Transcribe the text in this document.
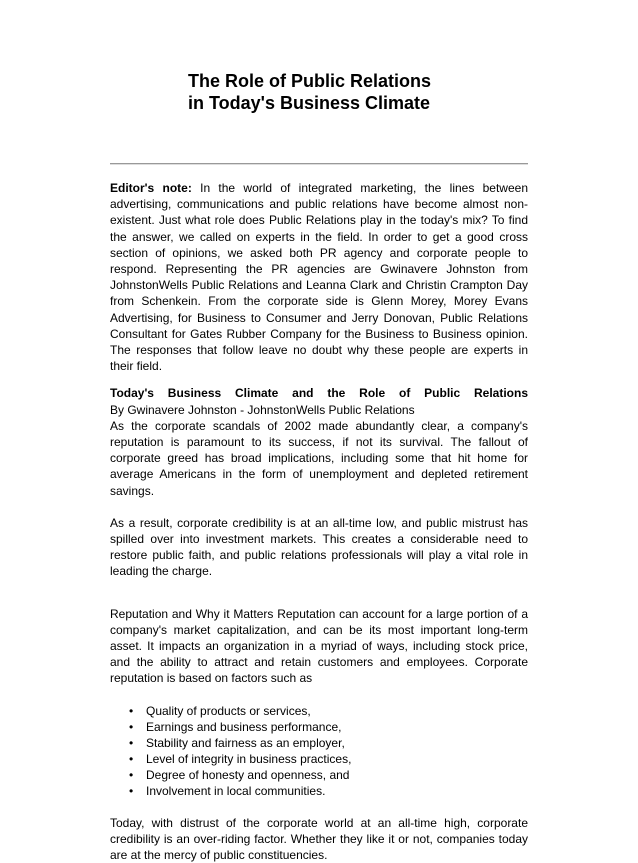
The Role of Public Relations
in Today's Business Climate

Editor's note: In the world of integrated marketing, the lines between advertising, communications and public relations have become almost non-existent. Just what role does Public Relations play in the today's mix? To find the answer, we called on experts in the field. In order to get a good cross section of opinions, we asked both PR agency and corporate people to respond. Representing the PR agencies are Gwinavere Johnston from JohnstonWells Public Relations and Leanna Clark and Christin Crampton Day from Schenkein. From the corporate side is Glenn Morey, Morey Evans Advertising, for Business to Consumer and Jerry Donovan, Public Relations Consultant for Gates Rubber Company for the Business to Business opinion. The responses that follow leave no doubt why these people are experts in their field.

Today's Business Climate and the Role of Public Relations

By Gwinavere Johnston - JohnstonWells Public Relations

As the corporate scandals of 2002 made abundantly clear, a company's reputation is paramount to its success, if not its survival. The fallout of corporate greed has broad implications, including some that hit home for average Americans in the form of unemployment and depleted retirement savings.

As a result, corporate credibility is at an all-time low, and public mistrust has spilled over into investment markets. This creates a considerable need to restore public faith, and public relations professionals will play a vital role in leading the charge.

Reputation and Why it Matters Reputation can account for a large portion of a company's market capitalization, and can be its most important long-term asset. It impacts an organization in a myriad of ways, including stock price, and the ability to attract and retain customers and employees. Corporate reputation is based on factors such as

• Quality of products or services,
• Earnings and business performance,
• Stability and fairness as an employer,
• Level of integrity in business practices,
• Degree of honesty and openness, and
• Involvement in local communities.

Today, with distrust of the corporate world at an all-time high, corporate credibility is an over-riding factor. Whether they like it or not, companies today are at the mercy of public constituencies.
